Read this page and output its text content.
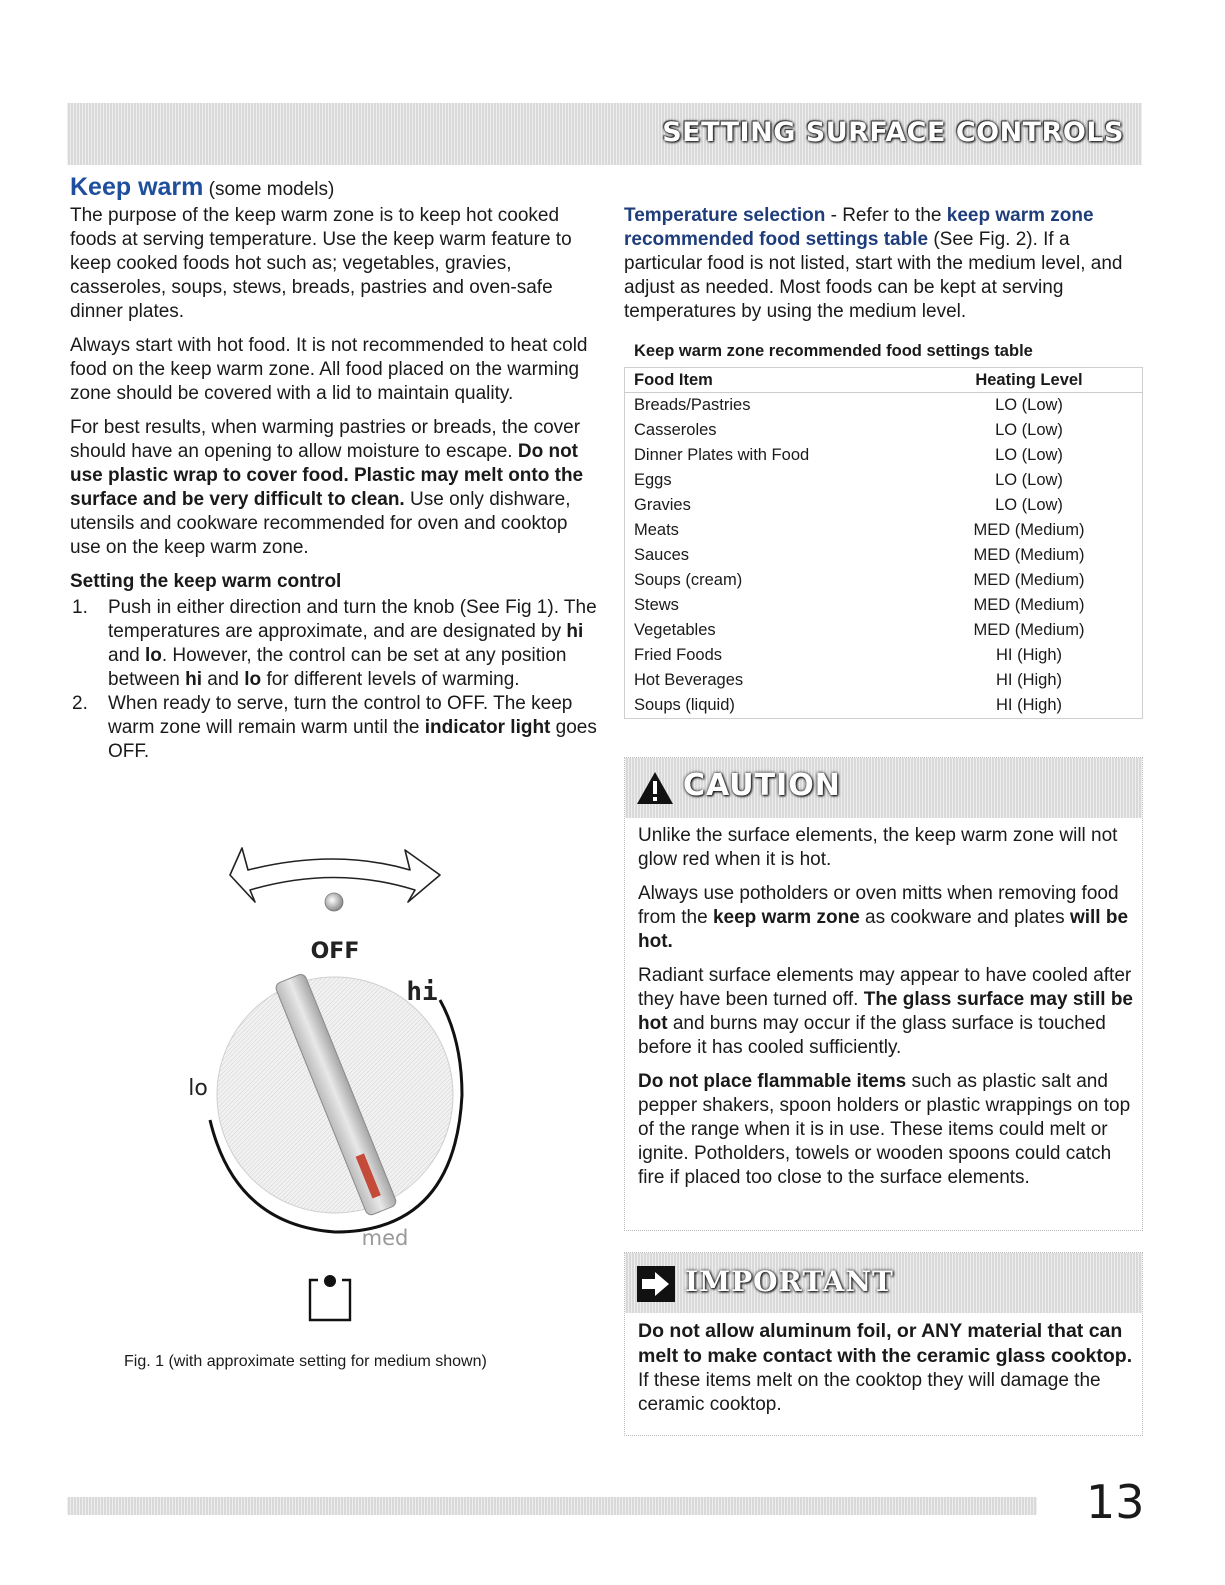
SETTING SURFACE CONTROLS
Keep warm (some models)

The purpose of the keep warm zone is to keep hot cooked foods at serving temperature. Use the keep warm feature to keep cooked foods hot such as; vegetables, gravies, casseroles, soups, stews, breads, pastries and oven-safe dinner plates.

Always start with hot food. It is not recommended to heat cold food on the keep warm zone. All food placed on the warming zone should be covered with a lid to maintain quality.

For best results, when warming pastries or breads, the cover should have an opening to allow moisture to escape. Do not use plastic wrap to cover food. Plastic may melt onto the surface and be very difficult to clean. Use only dishware, utensils and cookware recommended for oven and cooktop use on the keep warm zone.

Setting the keep warm control
1. Push in either direction and turn the knob (See Fig 1). The temperatures are approximate, and are designated by hi and lo. However, the control can be set at any position between hi and lo for different levels of warming.
2. When ready to serve, turn the control to OFF. The keep warm zone will remain warm until the indicator light goes OFF.
OFF
hi
lo
med
Fig. 1 (with approximate setting for medium shown)

Temperature selection - Refer to the keep warm zone recommended food settings table (See Fig. 2). If a particular food is not listed, start with the medium level, and adjust as needed. Most foods can be kept at serving temperatures by using the medium level.

Keep warm zone recommended food settings table
Food Item	Heating Level
Breads/Pastries	LO (Low)
Casseroles	LO (Low)
Dinner Plates with Food	LO (Low)
Eggs	LO (Low)
Gravies	LO (Low)
Meats	MED (Medium)
Sauces	MED (Medium)
Soups (cream)	MED (Medium)
Stews	MED (Medium)
Vegetables	MED (Medium)
Fried Foods	HI (High)
Hot Beverages	HI (High)
Soups (liquid)	HI (High)
CAUTION

Unlike the surface elements, the keep warm zone will not glow red when it is hot.

Always use potholders or oven mitts when removing food from the keep warm zone as cookware and plates will be hot.

Radiant surface elements may appear to have cooled after they have been turned off. The glass surface may still be hot and burns may occur if the glass surface is touched before it has cooled sufficiently.

Do not place flammable items such as plastic salt and pepper shakers, spoon holders or plastic wrappings on top of the range when it is in use. These items could melt or ignite. Potholders, towels or wooden spoons could catch fire if placed too close to the surface elements.

IMPORTANT
Do not allow aluminum foil, or ANY material that can melt to make contact with the ceramic glass cooktop. If these items melt on the cooktop they will damage the ceramic cooktop.
13
